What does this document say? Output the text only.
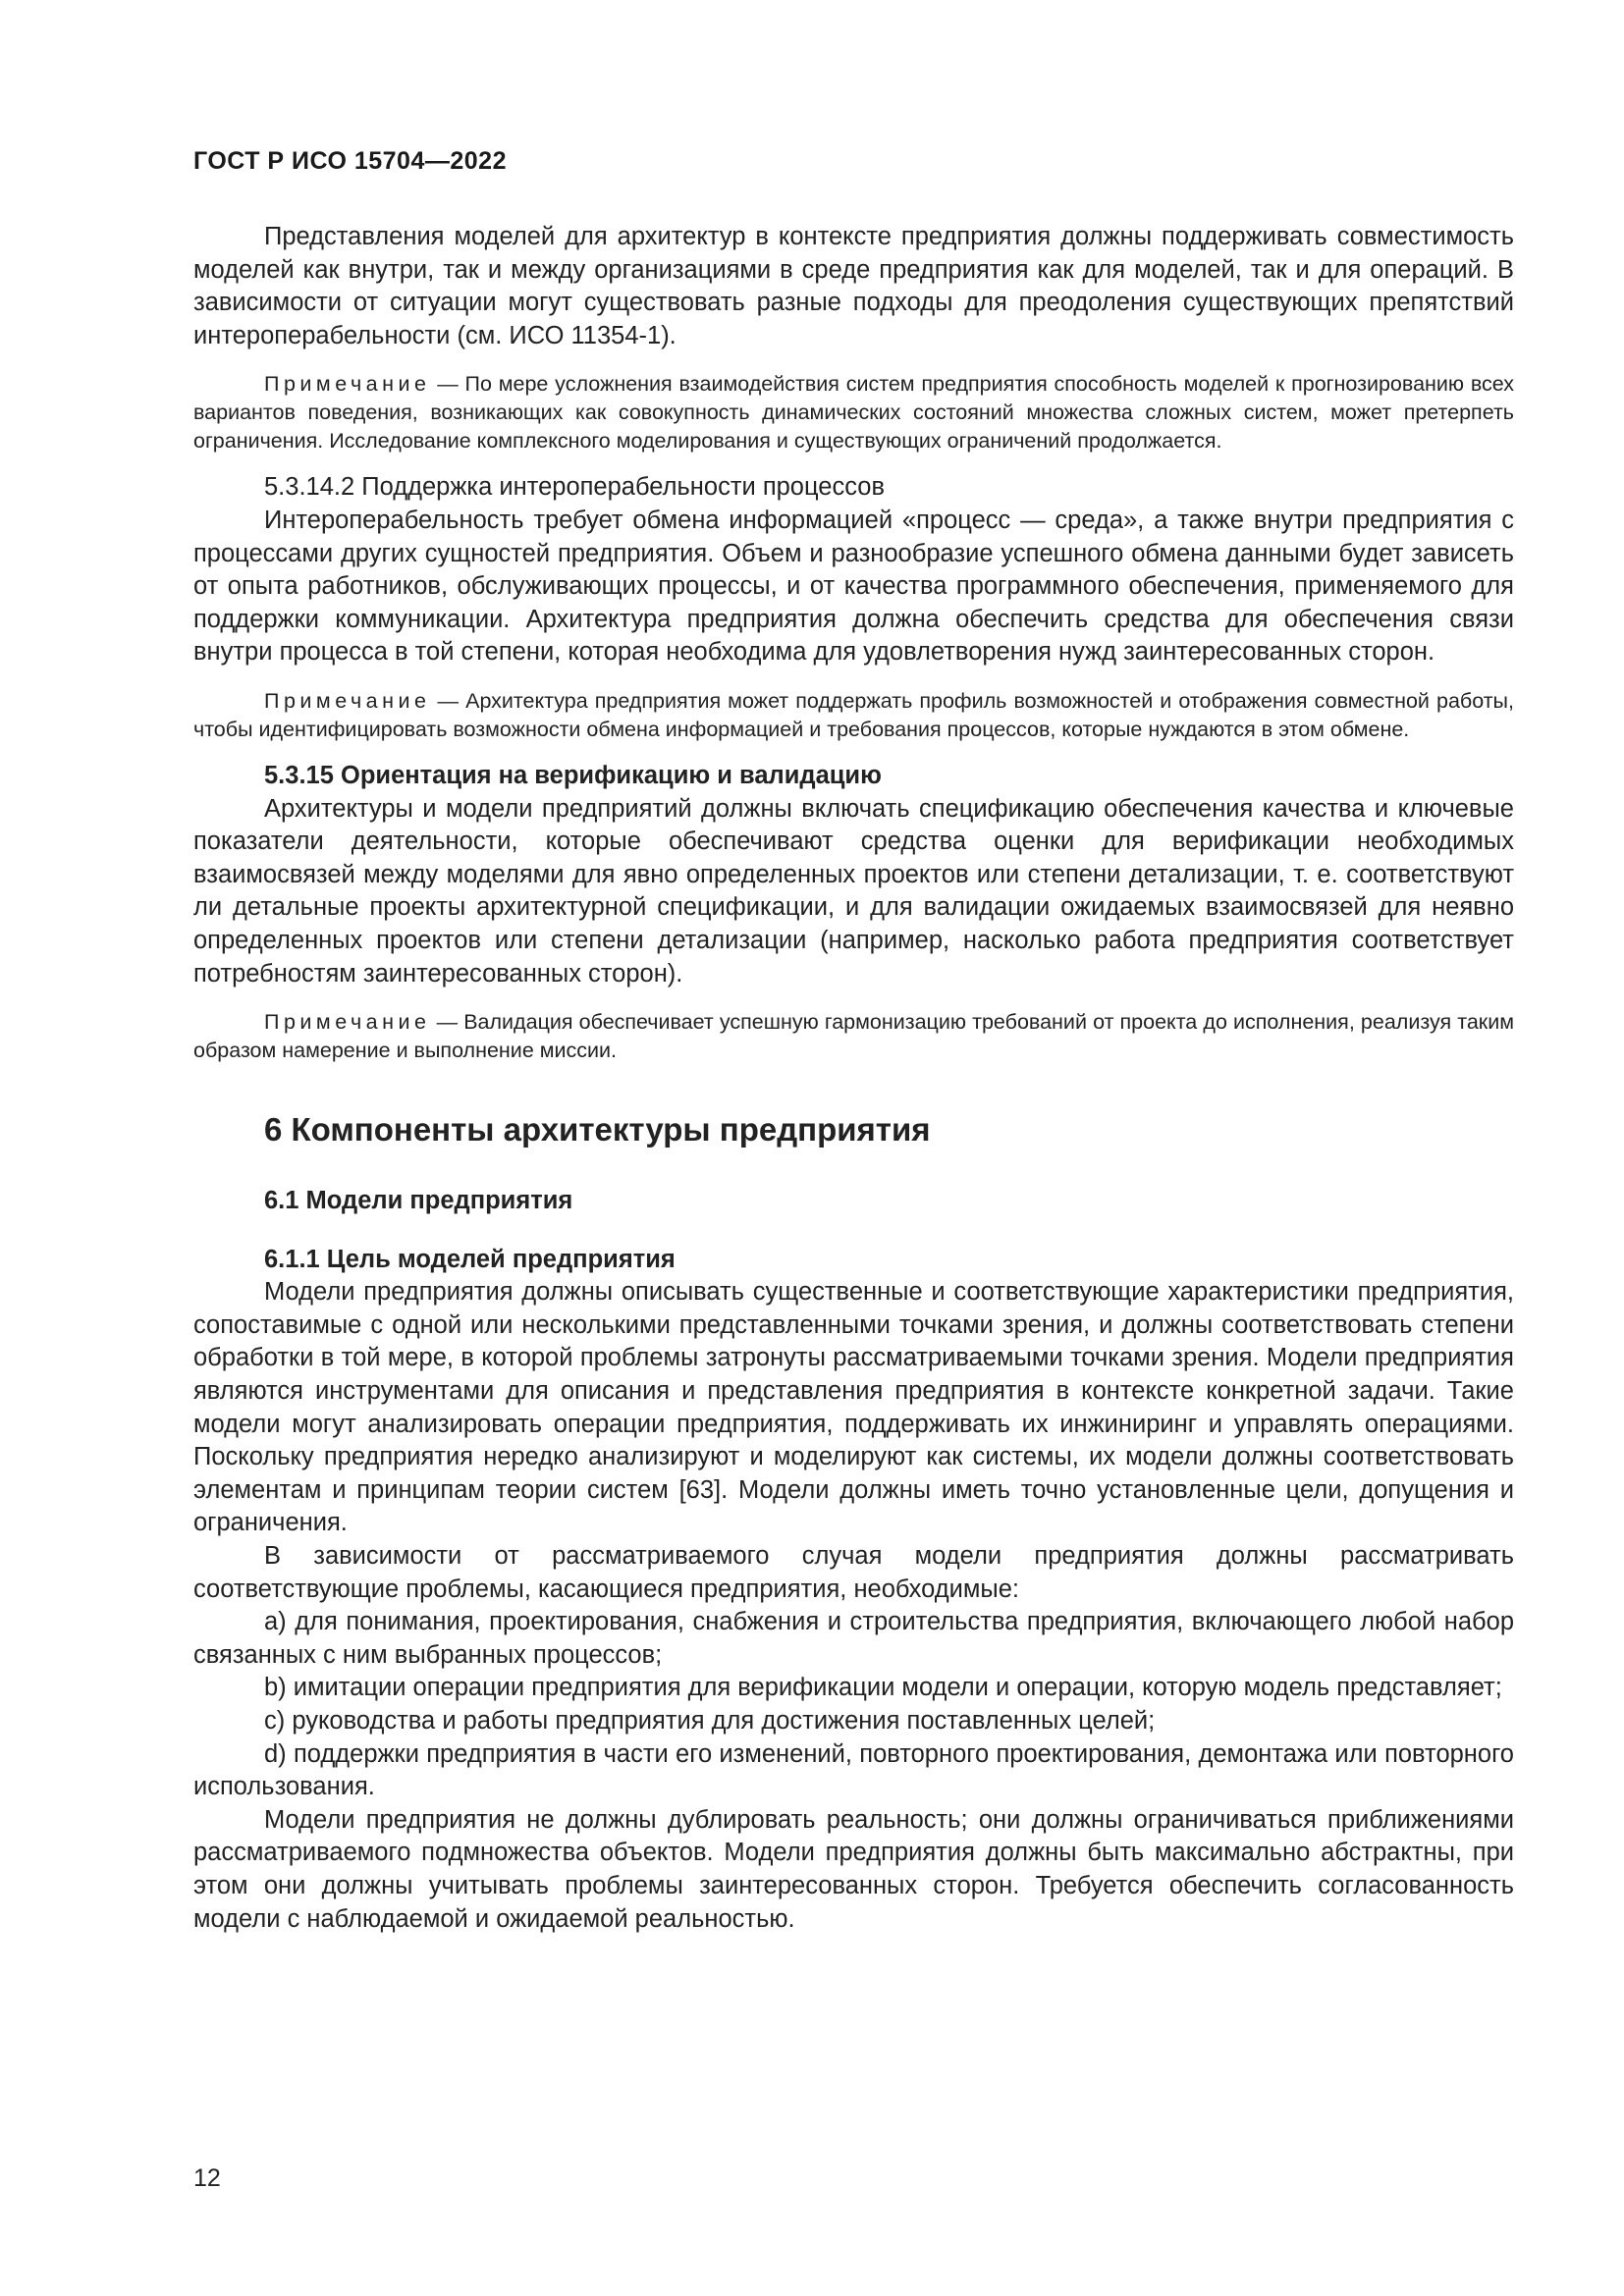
ГОСТ Р ИСО 15704—2022

Представления моделей для архитектур в контексте предприятия должны поддерживать совместимость моделей как внутри, так и между организациями в среде предприятия как для моделей, так и для операций. В зависимости от ситуации могут существовать разные подходы для преодоления существующих препятствий интероперабельности (см. ИСО 11354-1).

Примечание — По мере усложнения взаимодействия систем предприятия способность моделей к прогнозированию всех вариантов поведения, возникающих как совокупность динамических состояний множества сложных систем, может претерпеть ограничения. Исследование комплексного моделирования и существующих ограничений продолжается.

5.3.14.2 Поддержка интероперабельности процессов

Интероперабельность требует обмена информацией «процесс — среда», а также внутри предприятия с процессами других сущностей предприятия. Объем и разнообразие успешного обмена данными будет зависеть от опыта работников, обслуживающих процессы, и от качества программного обеспечения, применяемого для поддержки коммуникации. Архитектура предприятия должна обеспечить средства для обеспечения связи внутри процесса в той степени, которая необходима для удовлетворения нужд заинтересованных сторон.

Примечание — Архитектура предприятия может поддержать профиль возможностей и отображения совместной работы, чтобы идентифицировать возможности обмена информацией и требования процессов, которые нуждаются в этом обмене.

5.3.15 Ориентация на верификацию и валидацию

Архитектуры и модели предприятий должны включать спецификацию обеспечения качества и ключевые показатели деятельности, которые обеспечивают средства оценки для верификации необходимых взаимосвязей между моделями для явно определенных проектов или степени детализации, т. е. соответствуют ли детальные проекты архитектурной спецификации, и для валидации ожидаемых взаимосвязей для неявно определенных проектов или степени детализации (например, насколько работа предприятия соответствует потребностям заинтересованных сторон).

Примечание — Валидация обеспечивает успешную гармонизацию требований от проекта до исполнения, реализуя таким образом намерение и выполнение миссии.

6 Компоненты архитектуры предприятия

6.1 Модели предприятия

6.1.1 Цель моделей предприятия

Модели предприятия должны описывать существенные и соответствующие характеристики предприятия, сопоставимые с одной или несколькими представленными точками зрения, и должны соответствовать степени обработки в той мере, в которой проблемы затронуты рассматриваемыми точками зрения. Модели предприятия являются инструментами для описания и представления предприятия в контексте конкретной задачи. Такие модели могут анализировать операции предприятия, поддерживать их инжиниринг и управлять операциями. Поскольку предприятия нередко анализируют и моделируют как системы, их модели должны соответствовать элементам и принципам теории систем [63]. Модели должны иметь точно установленные цели, допущения и ограничения.

В зависимости от рассматриваемого случая модели предприятия должны рассматривать соответствующие проблемы, касающиеся предприятия, необходимые:

a) для понимания, проектирования, снабжения и строительства предприятия, включающего любой набор связанных с ним выбранных процессов;

b) имитации операции предприятия для верификации модели и операции, которую модель представляет;

c) руководства и работы предприятия для достижения поставленных целей;

d) поддержки предприятия в части его изменений, повторного проектирования, демонтажа или повторного использования.

Модели предприятия не должны дублировать реальность; они должны ограничиваться приближениями рассматриваемого подмножества объектов. Модели предприятия должны быть максимально абстрактны, при этом они должны учитывать проблемы заинтересованных сторон. Требуется обеспечить согласованность модели с наблюдаемой и ожидаемой реальностью.

12
